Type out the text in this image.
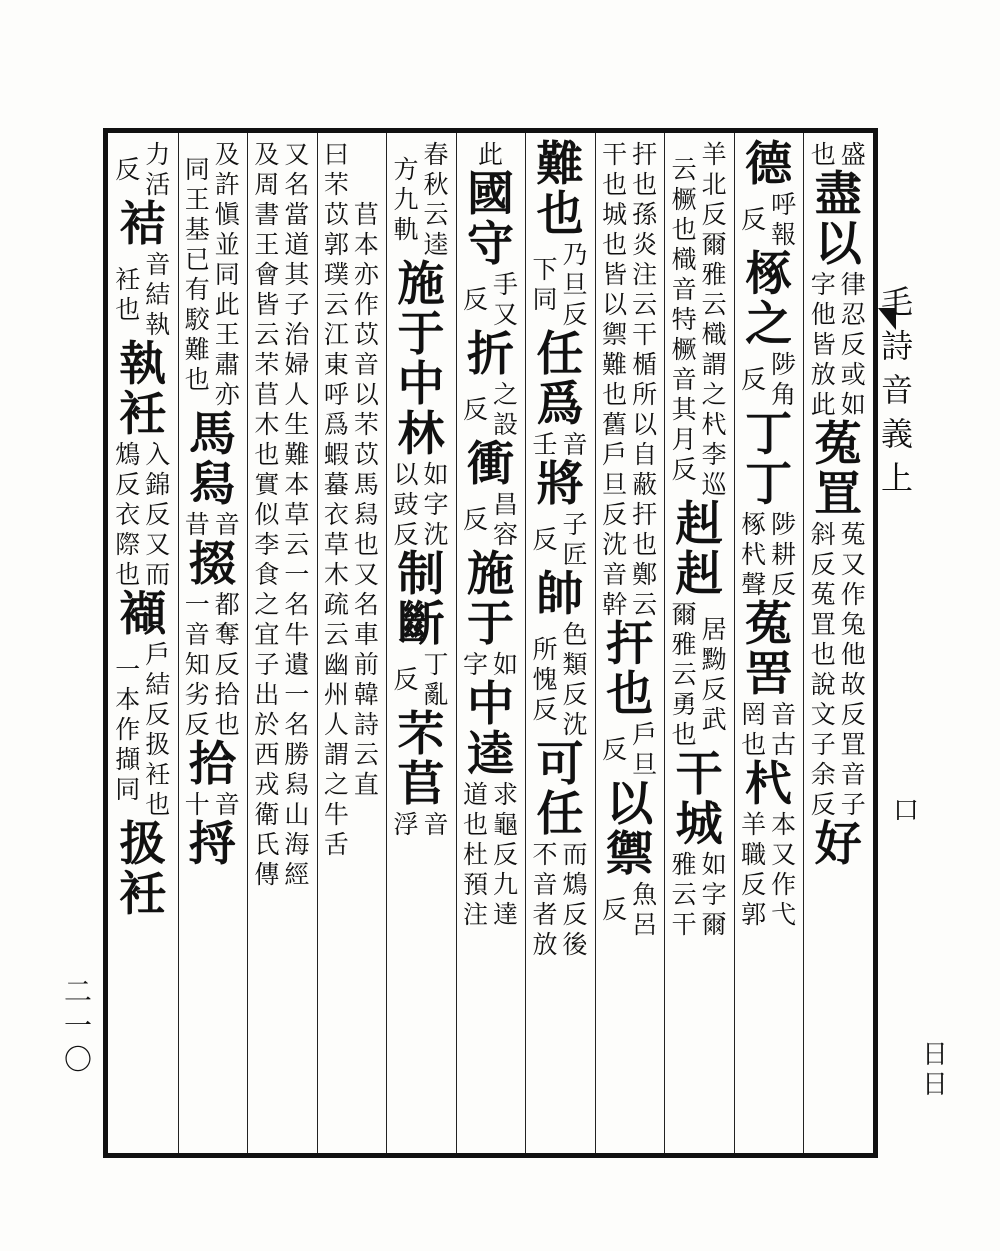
盛
也
盡
以
律
忍
反
或
如
字
他
皆
放
此
菟
罝
菟
又
作
兔
他
故
反
罝
音
子
斜
反
菟
罝
也
說
文
子
余
反
好
德
呼
報
反
椓
之
陟
角
反
丁
丁
陟
耕
反
椓
杙
聲
菟
罟
音
古
罔
也
杙
本
又
作
弋
羊
職
反
郭
羊
北
反
爾
雅
云
樴
謂
之
杙
李
巡
云
橛
也
樴
音
特
橛
音
其
月
反
赳
赳
居
黝
反
武
爾
雅
云
勇
也
干
城
如
字
爾
雅
云
干
扞
也
孫
炎
注
云
干
楯
所
以
自
蔽
扞
也
鄭
云
干
也
城
也
皆
以
禦
難
也
舊
戶
旦
反
沈
音
幹
扞
也
戶
旦
反
以
禦
魚
呂
反
難
也
乃
旦
反
下
同
任
爲
音
壬
將
子
匠
反
帥
色
類
反
沈
所
愧
反
可
任
而
鴆
反
後
不
音
者
放
此
國
守
手
又
反
折
之
設
反
衝
昌
容
反
施
于
如
字
中
逵
求
龜
反
九
達
道
也
杜
預
注
春
秋
云
逵
方
九
軌
施
于
中
林
如
字
沈
以
豉
反
制
斷
丁
亂
反
芣
苢
音
浮
苢
本
亦
作
苡
音
以
芣
苡
馬
舄
也
又
名
車
前
韓
詩
云
直
曰
芣
苡
郭
璞
云
江
東
呼
爲
蝦
蟇
衣
草
木
疏
云
幽
州
人
謂
之
牛
舌
又
名
當
道
其
子
治
婦
人
生
難
本
草
云
一
名
牛
遺
一
名
勝
舄
山
海
經
及
周
書
王
會
皆
云
芣
苢
木
也
實
似
李
食
之
宜
子
出
於
西
戎
衛
氏
傳
及
許
愼
並
同
此
王
肅
亦
同
王
基
已
有
駮
難
也
馬
舄
音
昔
掇
都
奪
反
拾
也
一
音
知
劣
反
拾
音
十
捋
力
活
反
袺
音
結
執
衽
也
執
衽
入
錦
反
又
而
鴆
反
衣
際
也
襭
戶
結
反
扱
衽
也
一
本
作
擷
同
扱
衽
毛
詩
音
義
上
口
二
一
〇	日
日
